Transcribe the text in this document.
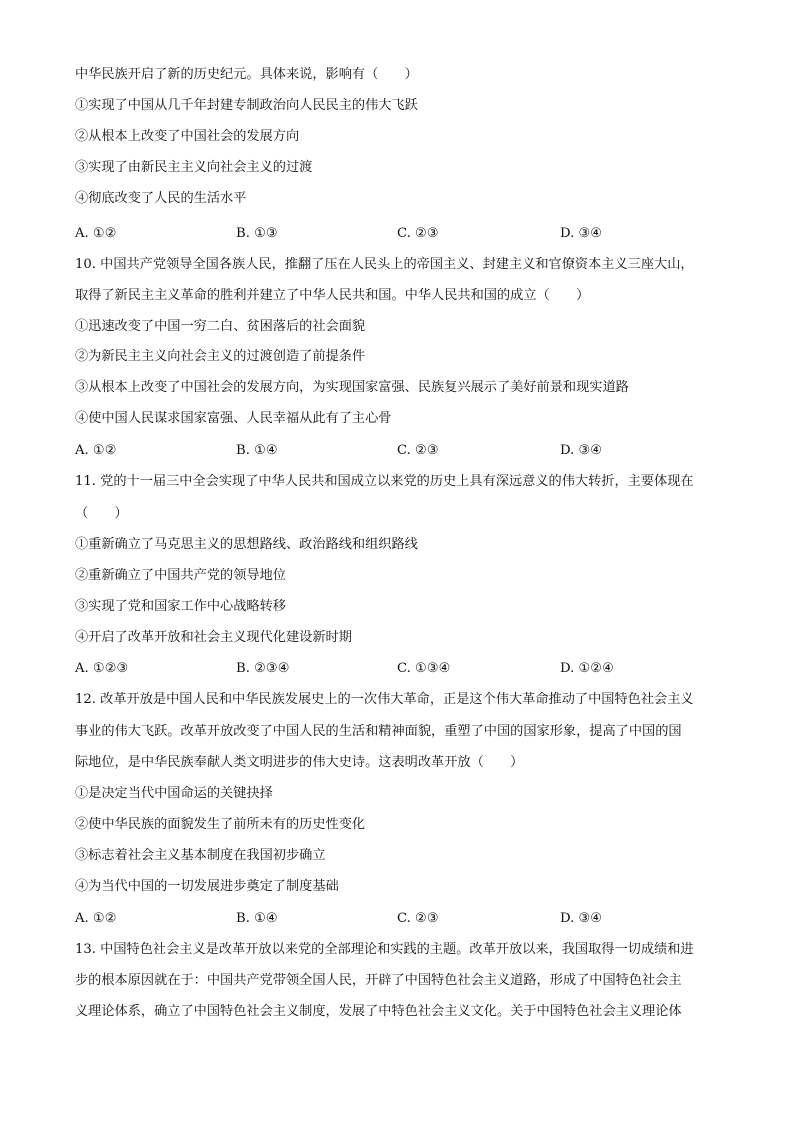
中华民族开启了新的历史纪元。具体来说，影响有（　　）
①实现了中国从几千年封建专制政治向人民民主的伟大飞跃
②从根本上改变了中国社会的发展方向
③实现了由新民主主义向社会主义的过渡
④彻底改变了人民的生活水平
A. ①②	B. ①③	C. ②③	D. ③④
10. 中国共产党领导全国各族人民，推翻了压在人民头上的帝国主义、封建主义和官僚资本主义三座大山，
取得了新民主主义革命的胜利并建立了中华人民共和国。中华人民共和国的成立（　　）
①迅速改变了中国一穷二白、贫困落后的社会面貌
②为新民主主义向社会主义的过渡创造了前提条件
③从根本上改变了中国社会的发展方向，为实现国家富强、民族复兴展示了美好前景和现实道路
④使中国人民谋求国家富强、人民幸福从此有了主心骨
A. ①②	B. ①④	C. ②③	D. ③④
11. 党的十一届三中全会实现了中华人民共和国成立以来党的历史上具有深远意义的伟大转折，主要体现在
（　　）
①重新确立了马克思主义的思想路线、政治路线和组织路线
②重新确立了中国共产党的领导地位
③实现了党和国家工作中心战略转移
④开启了改革开放和社会主义现代化建设新时期
A. ①②③	B. ②③④	C. ①③④	D. ①②④
12. 改革开放是中国人民和中华民族发展史上的一次伟大革命，正是这个伟大革命推动了中国特色社会主义
事业的伟大飞跃。改革开放改变了中国人民的生活和精神面貌，重塑了中国的国家形象，提高了中国的国
际地位，是中华民族奉献人类文明进步的伟大史诗。这表明改革开放（　　）
①是决定当代中国命运的关键抉择
②使中华民族的面貌发生了前所未有的历史性变化
③标志着社会主义基本制度在我国初步确立
④为当代中国的一切发展进步奠定了制度基础
A. ①②	B. ①④	C. ②③	D. ③④
13. 中国特色社会主义是改革开放以来党的全部理论和实践的主题。改革开放以来，我国取得一切成绩和进
步的根本原因就在于：中国共产党带领全国人民，开辟了中国特色社会主义道路，形成了中国特色社会主
义理论体系，确立了中国特色社会主义制度，发展了中特色社会主义文化。关于中国特色社会主义理论体
